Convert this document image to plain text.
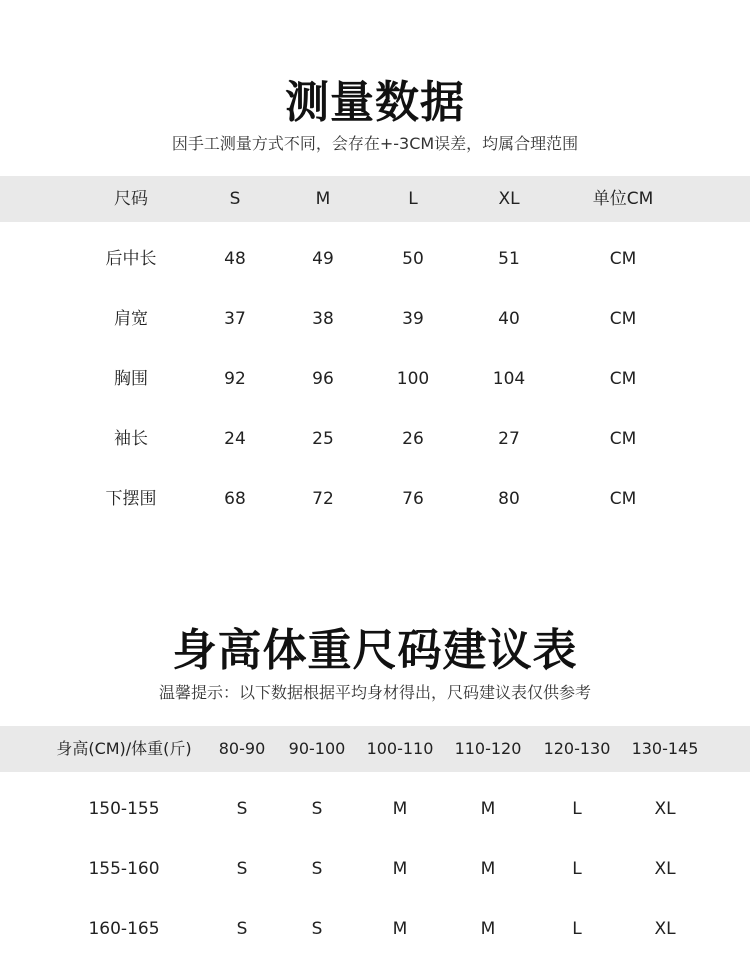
测量数据
因手工测量方式不同，会存在+-3CM误差，均属合理范围
尺码	S	M	L	XL	单位CM
后中长	48	49	50	51	CM
肩宽	37	38	39	40	CM
胸围	92	96	100	104	CM
袖长	24	25	26	27	CM
下摆围	68	72	76	80	CM
身高体重尺码建议表
温馨提示：以下数据根据平均身材得出，尺码建议表仅供参考
身高(CM)/体重(斤)	80-90	90-100	100-110	110-120	120-130	130-145
150-155	S	S	M	M	L	XL
155-160	S	S	M	M	L	XL
160-165	S	S	M	M	L	XL
